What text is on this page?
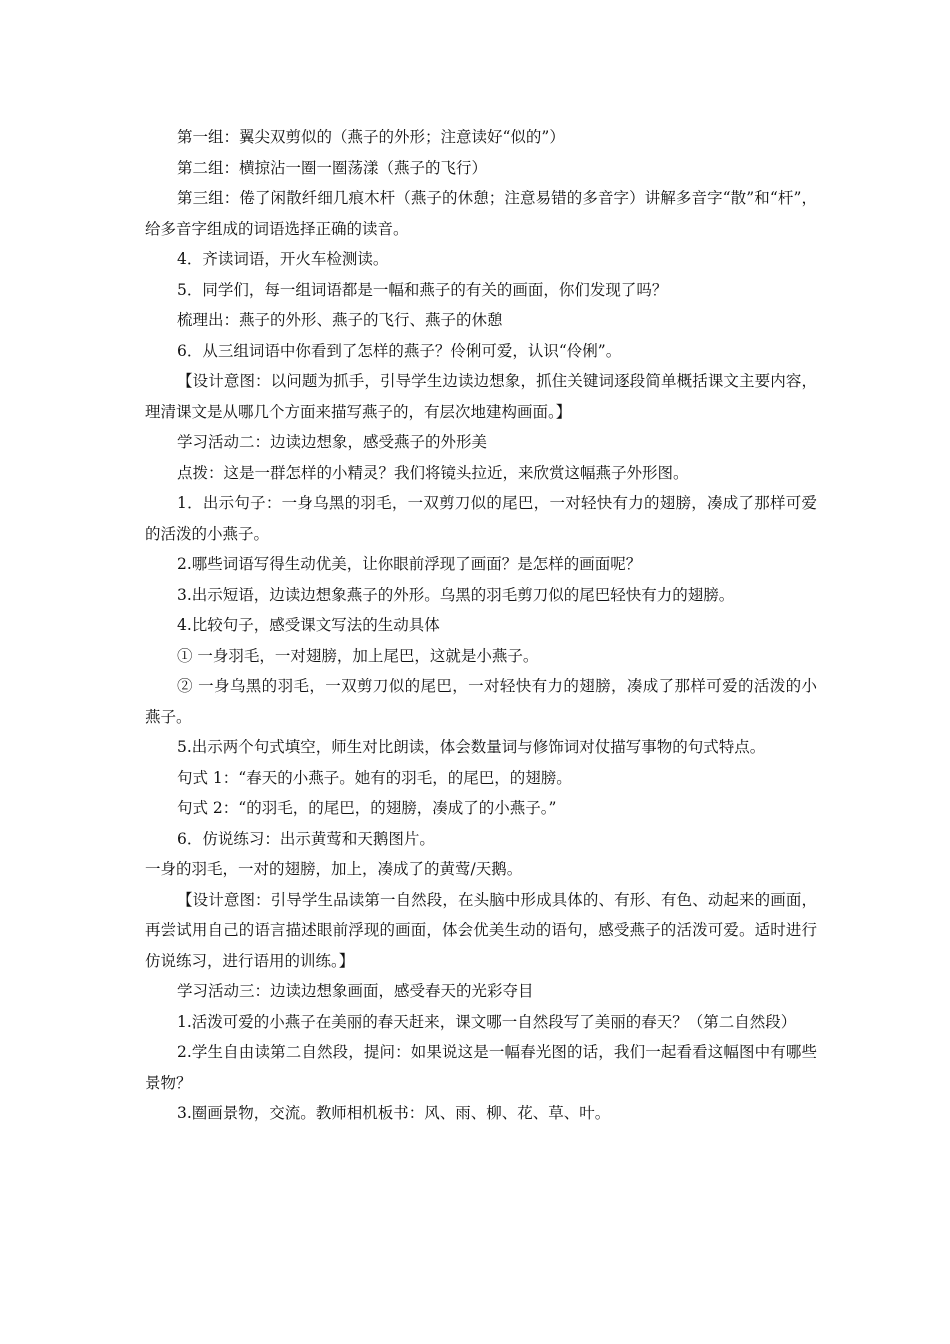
第一组：翼尖双剪似的（燕子的外形；注意读好“似的”）

第二组：横掠沾一圈一圈荡漾（燕子的飞行）

第三组：倦了闲散纤细几痕木杆（燕子的休憩；注意易错的多音字）讲解多音字“散”和“杆”，给多音字组成的词语选择正确的读音。

4．齐读词语，开火车检测读。

5．同学们，每一组词语都是一幅和燕子的有关的画面，你们发现了吗？

梳理出：燕子的外形、燕子的飞行、燕子的休憩

6．从三组词语中你看到了怎样的燕子？伶俐可爱，认识“伶俐”。

【设计意图：以问题为抓手，引导学生边读边想象，抓住关键词逐段简单概括课文主要内容，理清课文是从哪几个方面来描写燕子的，有层次地建构画面。】

学习活动二：边读边想象，感受燕子的外形美

点拨：这是一群怎样的小精灵？我们将镜头拉近，来欣赏这幅燕子外形图。

1．出示句子：一身乌黑的羽毛，一双剪刀似的尾巴，一对轻快有力的翅膀，凑成了那样可爱的活泼的小燕子。

2.哪些词语写得生动优美，让你眼前浮现了画面？是怎样的画面呢？

3.出示短语，边读边想象燕子的外形。乌黑的羽毛剪刀似的尾巴轻快有力的翅膀。

4.比较句子，感受课文写法的生动具体

① 一身羽毛，一对翅膀，加上尾巴，这就是小燕子。

② 一身乌黑的羽毛，一双剪刀似的尾巴，一对轻快有力的翅膀，凑成了那样可爱的活泼的小燕子。

5.出示两个句式填空，师生对比朗读，体会数量词与修饰词对仗描写事物的句式特点。

句式 1：“春天的小燕子。她有的羽毛，的尾巴，的翅膀。

句式 2：“的羽毛，的尾巴，的翅膀，凑成了的小燕子。”

6．仿说练习：出示黄莺和天鹅图片。

一身的羽毛，一对的翅膀，加上，凑成了的黄莺/天鹅。

【设计意图：引导学生品读第一自然段，在头脑中形成具体的、有形、有色、动起来的画面，再尝试用自己的语言描述眼前浮现的画面，体会优美生动的语句，感受燕子的活泼可爱。适时进行仿说练习，进行语用的训练。】

学习活动三：边读边想象画面，感受春天的光彩夺目

1.活泼可爱的小燕子在美丽的春天赶来，课文哪一自然段写了美丽的春天？（第二自然段）

2.学生自由读第二自然段，提问：如果说这是一幅春光图的话，我们一起看看这幅图中有哪些景物？

3.圈画景物，交流。教师相机板书：风、雨、柳、花、草、叶。
